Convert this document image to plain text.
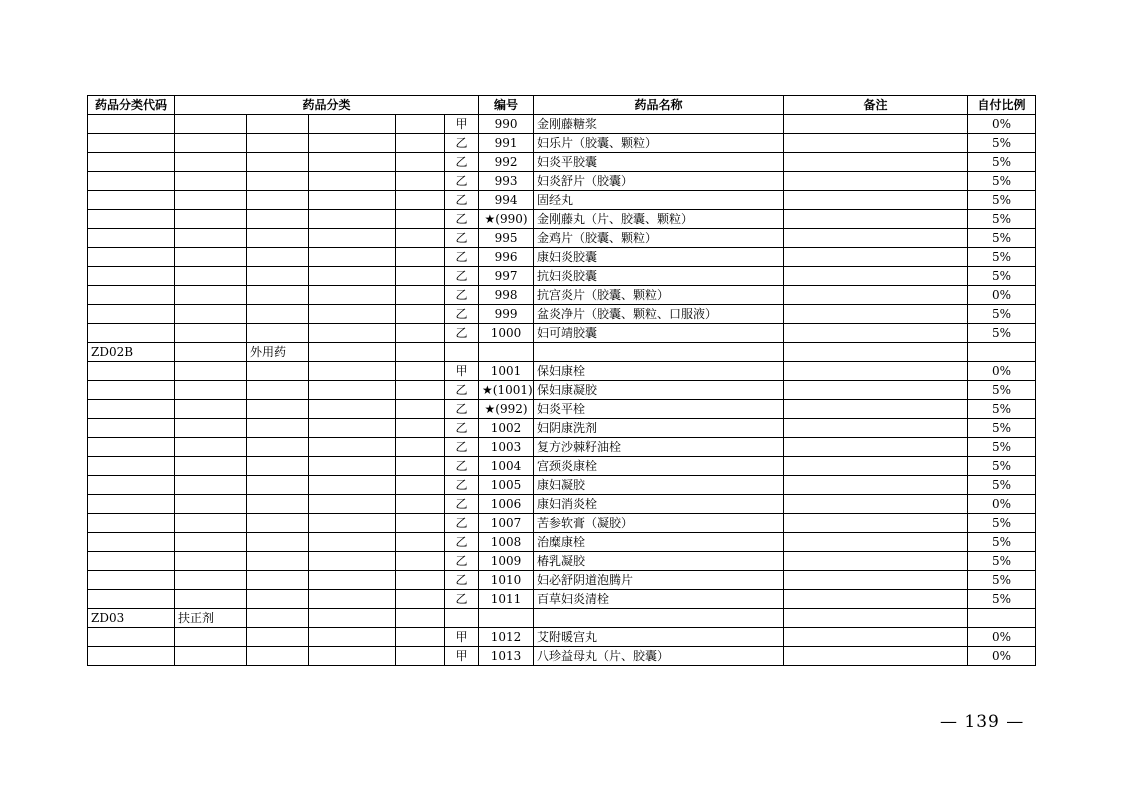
药品分类代码	药品分类					编号	药品名称	备注	自付比例
					甲	990	金刚藤糖浆		0%
					乙	991	妇乐片（胶囊、颗粒）		5%
					乙	992	妇炎平胶囊		5%
					乙	993	妇炎舒片（胶囊）		5%
					乙	994	固经丸		5%
					乙	★(990)	金刚藤丸（片、胶囊、颗粒）		5%
					乙	995	金鸡片（胶囊、颗粒）		5%
					乙	996	康妇炎胶囊		5%
					乙	997	抗妇炎胶囊		5%
					乙	998	抗宫炎片（胶囊、颗粒）		0%
					乙	999	盆炎净片（胶囊、颗粒、口服液）		5%
					乙	1000	妇可靖胶囊		5%
ZD02B		外用药							
					甲	1001	保妇康栓		0%
					乙	★(1001)	保妇康凝胶		5%
					乙	★(992)	妇炎平栓		5%
					乙	1002	妇阴康洗剂		5%
					乙	1003	复方沙棘籽油栓		5%
					乙	1004	宫颈炎康栓		5%
					乙	1005	康妇凝胶		5%
					乙	1006	康妇消炎栓		0%
					乙	1007	苦参软膏（凝胶）		5%
					乙	1008	治糜康栓		5%
					乙	1009	椿乳凝胶		5%
					乙	1010	妇必舒阴道泡腾片		5%
					乙	1011	百草妇炎清栓		5%
ZD03	扶正剂								
					甲	1012	艾附暖宫丸		0%
					甲	1013	八珍益母丸（片、胶囊）		0%
— 139 —
